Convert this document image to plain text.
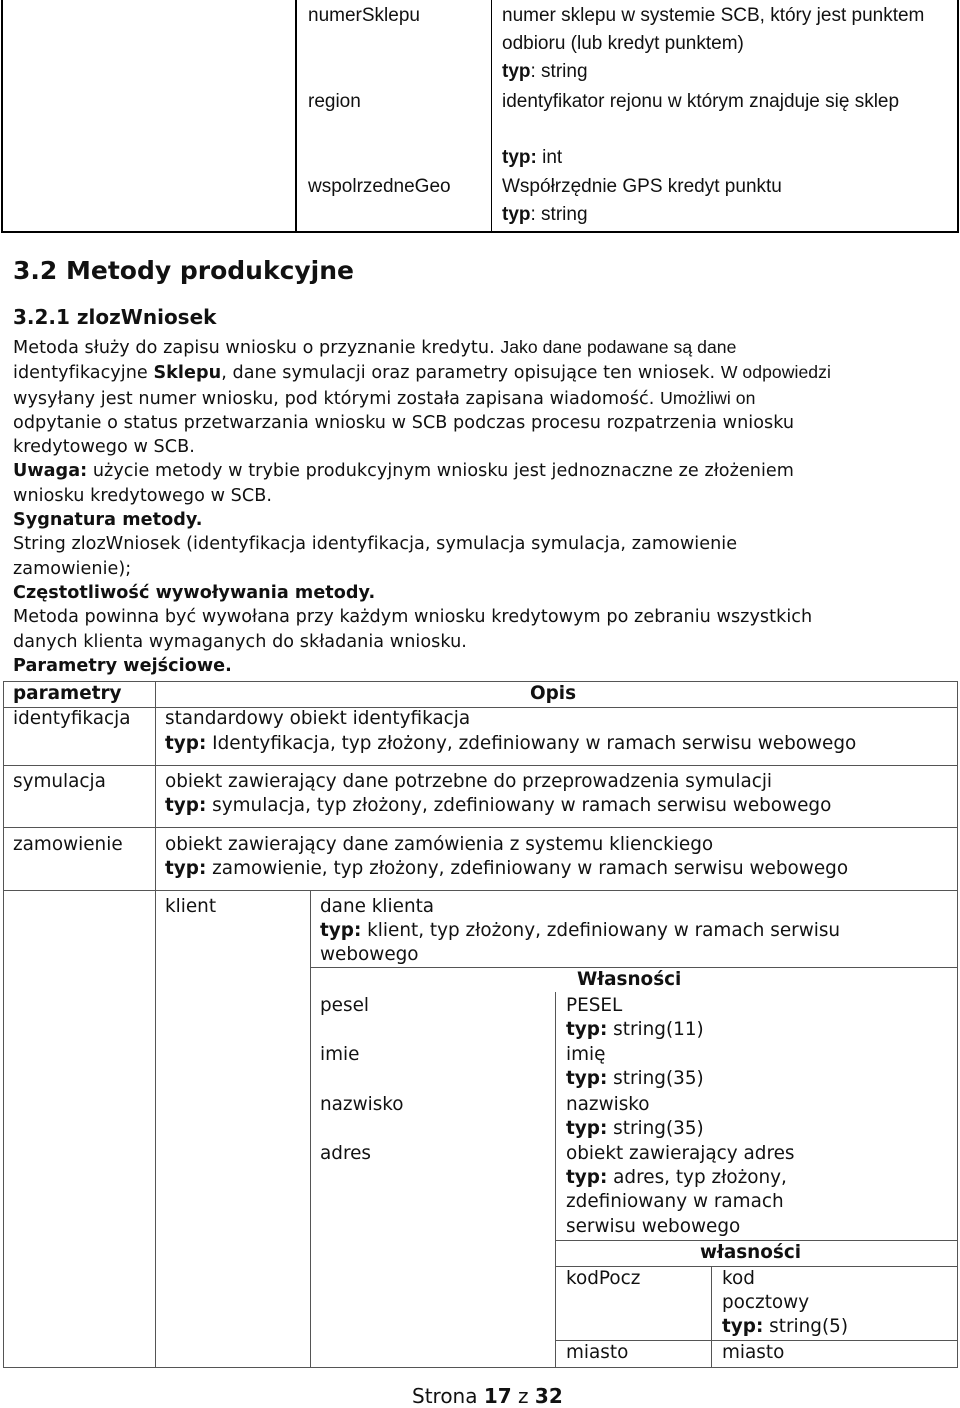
numerSklepu	numer sklepu w systemie SCB, który jest punktem odbioru (lub kredyt punktem)
typ: string
region	identyfikator rejonu w którym znajduje się sklep
typ: int
wspolrzedneGeo	Współrzędnie GPS kredyt punktu
typ: string
3.2 Metody produkcyjne
3.2.1 zlozWniosek
Metoda służy do zapisu wniosku o przyznanie kredytu. Jako dane podawane są dane
identyfikacyjne Sklepu, dane symulacji oraz parametry opisujące ten wniosek. W odpowiedzi
wysyłany jest numer wniosku, pod którymi została zapisana wiadomość. Umożliwi on
odpytanie o status przetwarzania wniosku w SCB podczas procesu rozpatrzenia wniosku
kredytowego w SCB.
Uwaga: użycie metody w trybie produkcyjnym wniosku jest jednoznaczne ze złożeniem
wniosku kredytowego w SCB.
Sygnatura metody.
String zlozWniosek (identyfikacja identyfikacja, symulacja symulacja, zamowienie
zamowienie);
Częstotliwość wywoływania metody.
Metoda powinna być wywołana przy każdym wniosku kredytowym po zebraniu wszystkich
danych klienta wymaganych do składania wniosku.
Parametry wejściowe.
parametry	Opis
identyfikacja standardowy obiekt identyfikacja
typ: Identyfikacja, typ złożony, zdefiniowany w ramach serwisu webowego
symulacja	obiekt zawierający dane potrzebne do przeprowadzenia symulacji
typ: symulacja, typ złożony, zdefiniowany w ramach serwisu webowego
zamowienie obiekt zawierający dane zamówienia z systemu klienckiego
typ: zamowienie, typ złożony, zdefiniowany w ramach serwisu webowego
klient	dane klienta
typ: klient, typ złożony, zdefiniowany w ramach serwisu
webowego
Własności
pesel	PESEL
typ: string(11)
imie	imię
typ: string(35)
nazwisko	nazwisko
typ: string(35)
adres	obiekt zawierający adres
typ: adres, typ złożony,
zdefiniowany w ramach
serwisu webowego
własności
kodPocz	kod
pocztowy
typ: string(5)
miasto	miasto
Strona 17 z 32
